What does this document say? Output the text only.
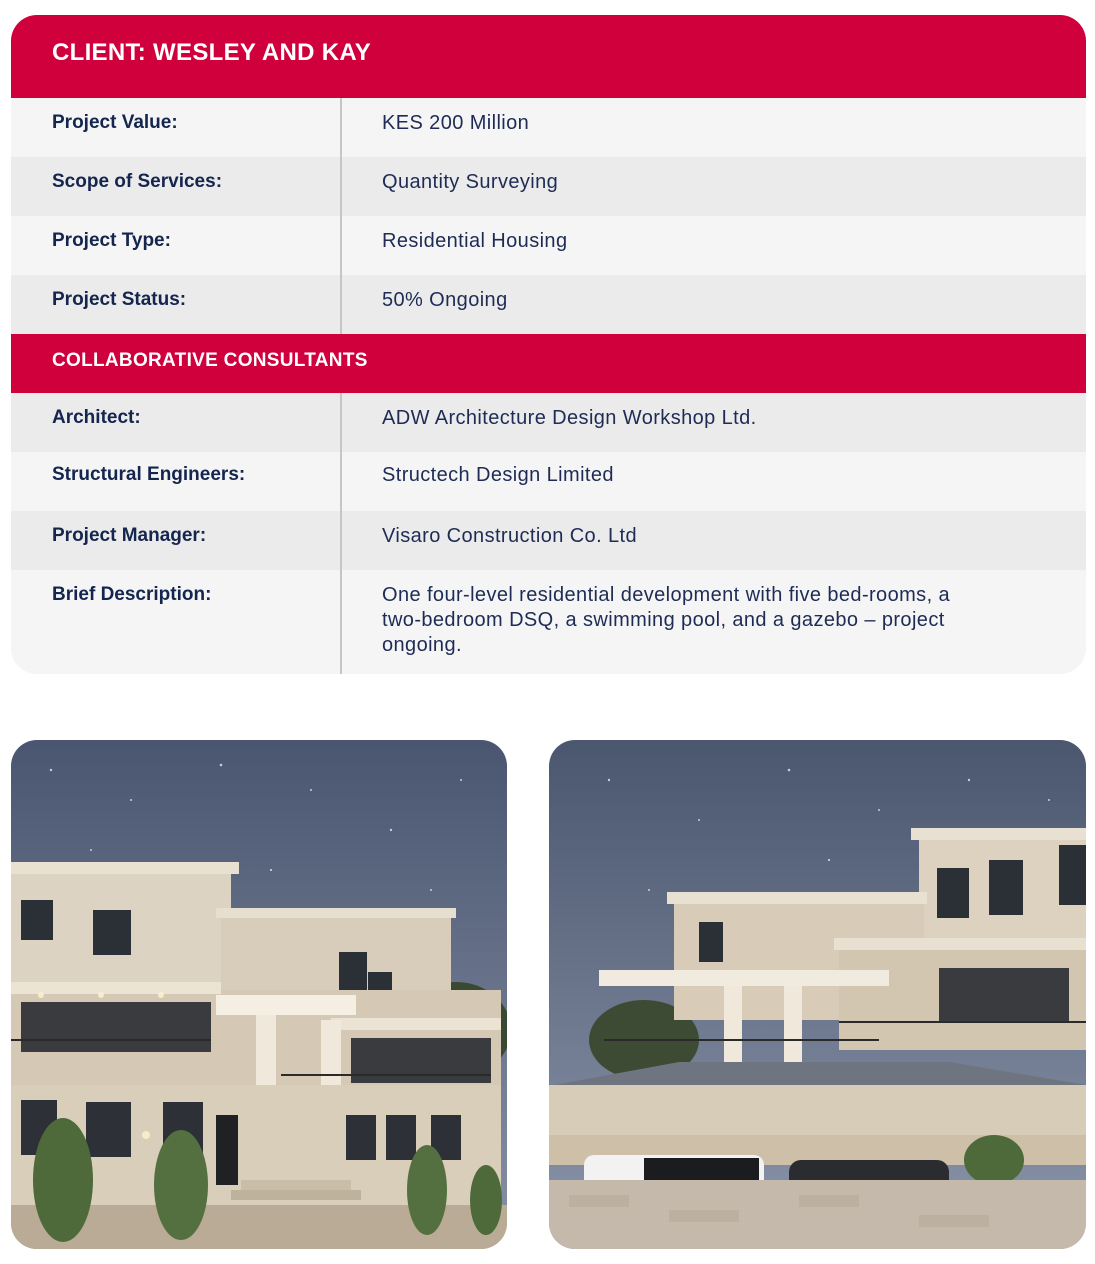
CLIENT: WESLEY AND KAY
Project Value:	KES 200 Million
Scope of Services:	Quantity Surveying
Project Type:	Residential Housing
Project Status:	50% Ongoing
COLLABORATIVE CONSULTANTS
Architect:	ADW Architecture Design Workshop Ltd.
Structural Engineers:	Structech Design Limited
Project Manager:	Visaro Construction Co. Ltd
Brief Description:	One four-level residential development with five bed-rooms, a two-bedroom DSQ, a swimming pool, and a gazebo – project ongoing.
